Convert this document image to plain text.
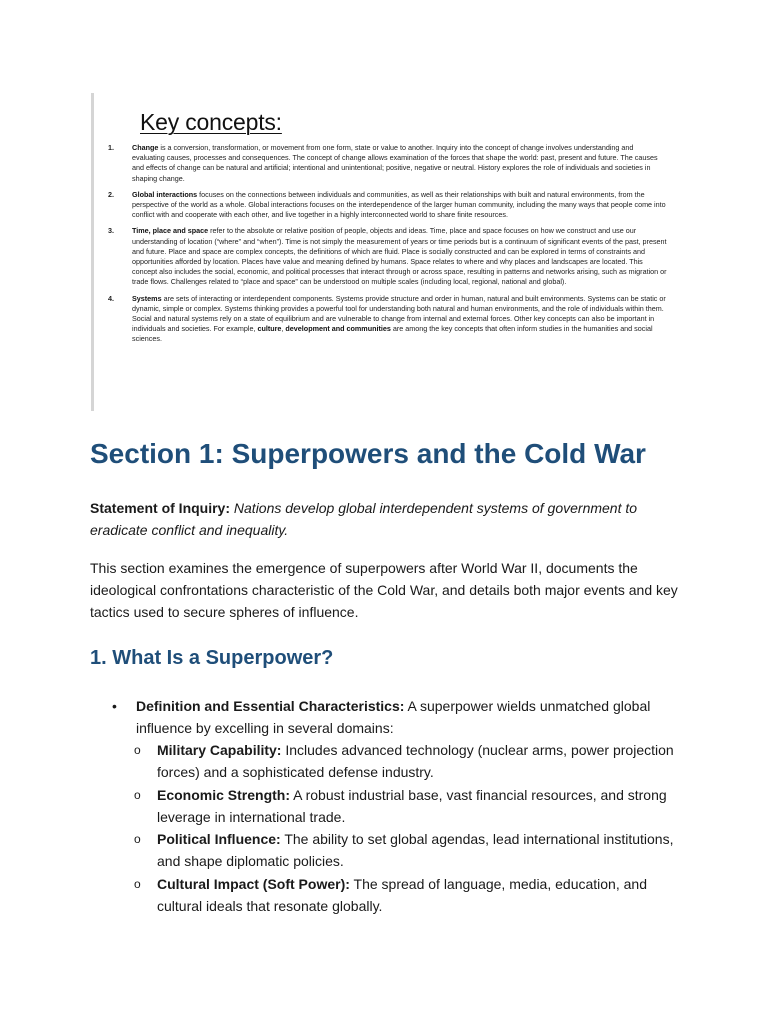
Key concepts:
1.	Change is a conversion, transformation, or movement from one form, state or value to another. Inquiry into the concept of change involves understanding and evaluating causes, processes and consequences. The concept of change allows examination of the forces that shape the world: past, present and future. The causes and effects of change can be natural and artificial; intentional and unintentional; positive, negative or neutral. History explores the role of individuals and societies in shaping change.
2.	Global interactions focuses on the connections between individuals and communities, as well as their relationships with built and natural environments, from the perspective of the world as a whole. Global interactions focuses on the interdependence of the larger human community, including the many ways that people come into conflict with and cooperate with each other, and live together in a highly interconnected world to share finite resources.
3.	Time, place and space refer to the absolute or relative position of people, objects and ideas. Time, place and space focuses on how we construct and use our understanding of location (“where” and “when”). Time is not simply the measurement of years or time periods but is a continuum of significant events of the past, present and future. Place and space are complex concepts, the definitions of which are fluid. Place is socially constructed and can be explored in terms of constraints and opportunities afforded by location. Places have value and meaning defined by humans. Space relates to where and why places and landscapes are located. This concept also includes the social, economic, and political processes that interact through or across space, resulting in patterns and networks arising, such as migration or trade flows. Challenges related to “place and space” can be understood on multiple scales (including local, regional, national and global).
4.	Systems are sets of interacting or interdependent components. Systems provide structure and order in human, natural and built environments. Systems can be static or dynamic, simple or complex. Systems thinking provides a powerful tool for understanding both natural and human environments, and the role of individuals within them. Social and natural systems rely on a state of equilibrium and are vulnerable to change from internal and external forces. Other key concepts can also be important in individuals and societies. For example, culture, development and communities are among the key concepts that often inform studies in the humanities and social sciences.
Section 1: Superpowers and the Cold War

Statement of Inquiry: Nations develop global interdependent systems of government to eradicate conflict and inequality.

This section examines the emergence of superpowers after World War II, documents the ideological confrontations characteristic of the Cold War, and details both major events and key tactics used to secure spheres of influence.

1. What Is a Superpower?
•	Definition and Essential Characteristics: A superpower wields unmatched global influence by excelling in several domains:
o	Military Capability: Includes advanced technology (nuclear arms, power projection forces) and a sophisticated defense industry.
o	Economic Strength: A robust industrial base, vast financial resources, and strong leverage in international trade.
o	Political Influence: The ability to set global agendas, lead international institutions, and shape diplomatic policies.
o	Cultural Impact (Soft Power): The spread of language, media, education, and cultural ideals that resonate globally.
